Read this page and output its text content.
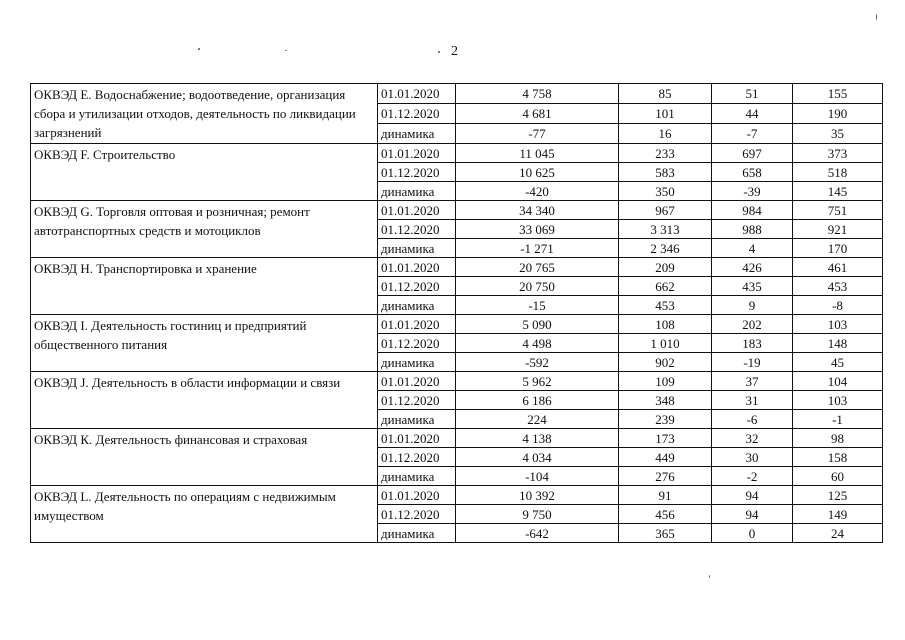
2
ОКВЭД Е. Водоснабжение; водоотведение, организация сбора и утилизации отходов, деятельность по ликвидации загрязнений	01.01.2020	4 758	85	51	155
	01.12.2020	4 681	101	44	190
	динамика	-77	16	-7	35
ОКВЭД F. Строительство	01.01.2020	11 045	233	697	373
	01.12.2020	10 625	583	658	518
	динамика	-420	350	-39	145
ОКВЭД G. Торговля оптовая и розничная; ремонт автотранспортных средств и мотоциклов	01.01.2020	34 340	967	984	751
	01.12.2020	33 069	3 313	988	921
	динамика	-1 271	2 346	4	170
ОКВЭД Н. Транспортировка и хранение	01.01.2020	20 765	209	426	461
	01.12.2020	20 750	662	435	453
	динамика	-15	453	9	-8
ОКВЭД I. Деятельность гостиниц и предприятий общественного питания	01.01.2020	5 090	108	202	103
	01.12.2020	4 498	1 010	183	148
	динамика	-592	902	-19	45
ОКВЭД J. Деятельность в области информации и связи	01.01.2020	5 962	109	37	104
	01.12.2020	6 186	348	31	103
	динамика	224	239	-6	-1
ОКВЭД К. Деятельность финансовая и страховая	01.01.2020	4 138	173	32	98
	01.12.2020	4 034	449	30	158
	динамика	-104	276	-2	60
ОКВЭД L. Деятельность по операциям с недвижимым имуществом	01.01.2020	10 392	91	94	125
	01.12.2020	9 750	456	94	149
	динамика	-642	365	0	24
